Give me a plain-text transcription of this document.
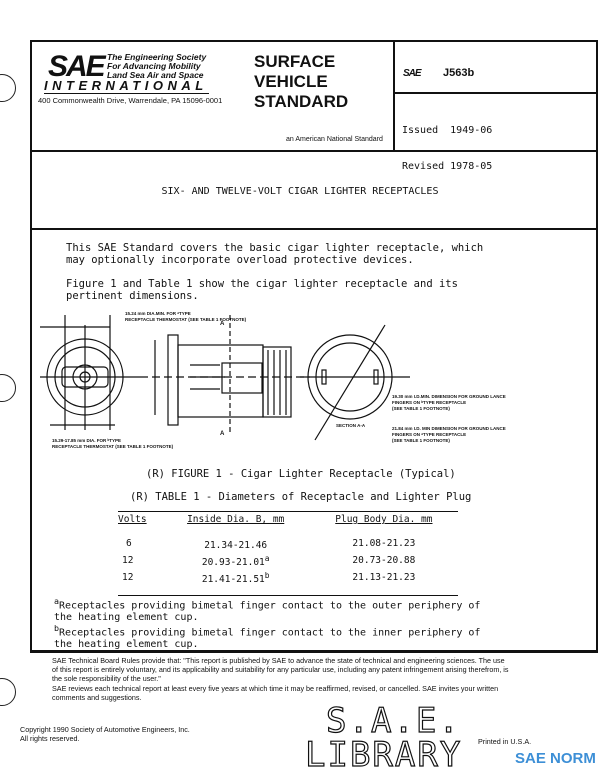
SAE The Engineering Society
For Advancing Mobility
Land Sea Air and Space
INTERNATIONAL
400 Commonwealth Drive, Warrendale, PA 15096-0001
SURFACE
VEHICLE
STANDARD
an American National Standard
SAE J563b

Issued  1949-06

Revised 1978-05

SIX- AND TWELVE-VOLT CIGAR LIGHTER RECEPTACLES
This SAE Standard covers the basic cigar lighter receptacle, which may optionally incorporate overload protective devices.
Figure 1 and Table 1 show the cigar lighter receptacle and its pertinent dimensions.
A
A
15.24 mm DIA.MIN. FOR ᵃTYPE
RECEPTACLE THERMOSTAT (SEE TABLE 1 FOOTNOTE)
15.29-17.85 mm DIA. FOR ᵇTYPE
RECEPTACLE THERMOSTAT (SEE TABLE 1 FOOTNOTE)
19.30 mm I.D.MIN. DIMENSION FOR GROUND LANCE
FINGERS ON ᵇTYPE RECEPTACLE
(SEE TABLE 1 FOOTNOTE)
21.84 mm I.D. MIN DIMENSION FOR GROUND LANCE
FINGERS ON ᵃTYPE RECEPTACLE
(SEE TABLE 1 FOOTNOTE)
SECTION A-A
(R) FIGURE 1 - Cigar Lighter Receptacle (Typical)
(R) TABLE 1 - Diameters of Receptacle and Lighter Plug
Volts	Inside Dia. B, mm	Plug Body Dia. mm
6	21.34-21.46	21.08-21.23
12	20.93-21.01$^a$	20.73-20.88
12	21.41-21.51$^b$	21.13-21.23
$^a$Receptacles providing bimetal finger contact to the outer periphery of the heating element cup.
$^b$Receptacles providing bimetal finger contact to the inner periphery of the heating element cup.
SAE Technical Board Rules provide that: "This report is published by SAE to advance the state of technical and engineering sciences. The use of this report is entirely voluntary, and its applicability and suitability for any particular use, including any patent infringement arising therefrom, is the sole responsibility of the user."
SAE reviews each technical report at least every five years at which time it may be reaffirmed, revised, or cancelled. SAE invites your written comments and suggestions.
Copyright 1990 Society of Automotive Engineers, Inc.
All rights reserved.	S.A.E.
LIBRARY Printed in U.S.A.
SAE NORM
